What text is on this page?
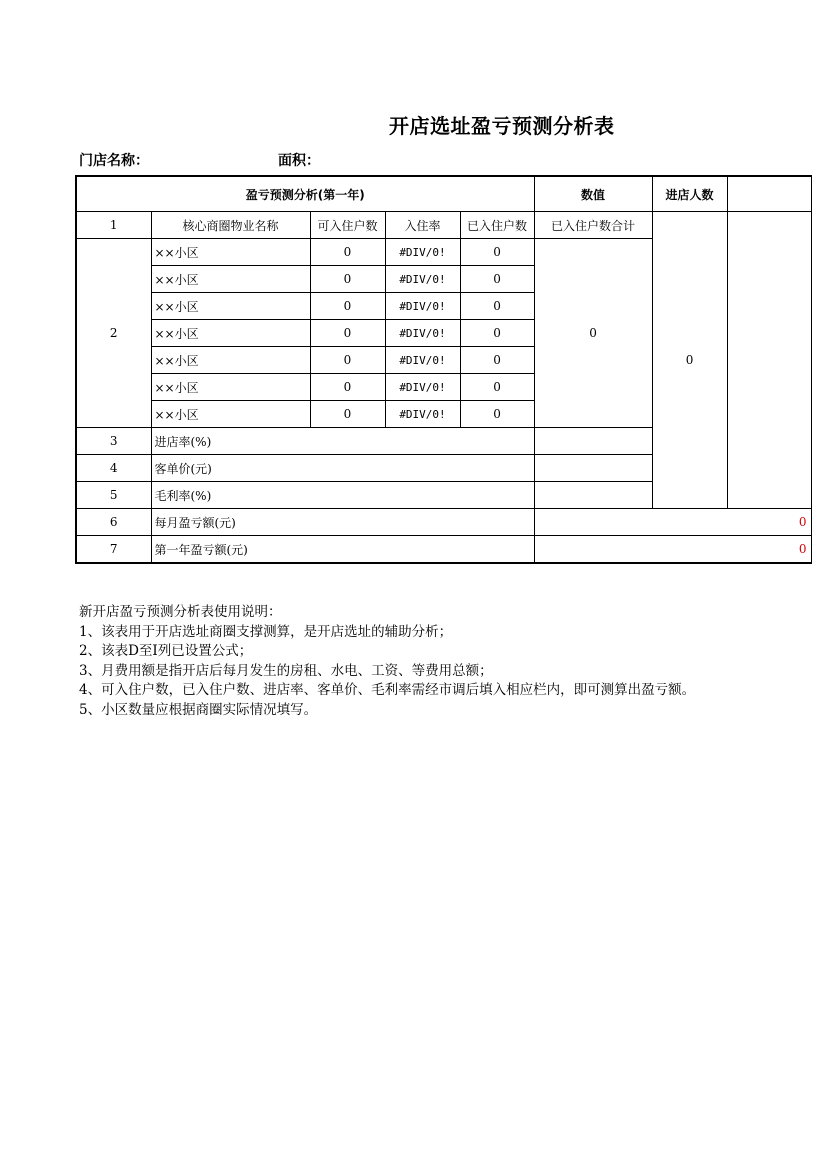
开店选址盈亏预测分析表
门店名称：	面积：
盈亏预测分析(第一年)					数值	进店人数	
1	核心商圈物业名称	可入住户数	入住率	已入住户数	已入住户数合计	0	
2	××小区	0	#DIV/0!	0	0		
	××小区	0	#DIV/0!	0			
	××小区	0	#DIV/0!	0			
	××小区	0	#DIV/0!	0			
	××小区	0	#DIV/0!	0			
	××小区	0	#DIV/0!	0			
	××小区	0	#DIV/0!	0			
3	进店率(%)						
4	客单价(元)						
5	毛利率(%)						
6	每月盈亏额(元)				0		
7	第一年盈亏额(元)				0		
新开店盈亏预测分析表使用说明：
1、该表用于开店选址商圈支撑测算，是开店选址的辅助分析；
2、该表D至I列已设置公式；
3、月费用额是指开店后每月发生的房租、水电、工资、等费用总额；
4、可入住户数，已入住户数、进店率、客单价、毛利率需经市调后填入相应栏内，即可测算出盈亏额。
5、小区数量应根据商圈实际情况填写。
